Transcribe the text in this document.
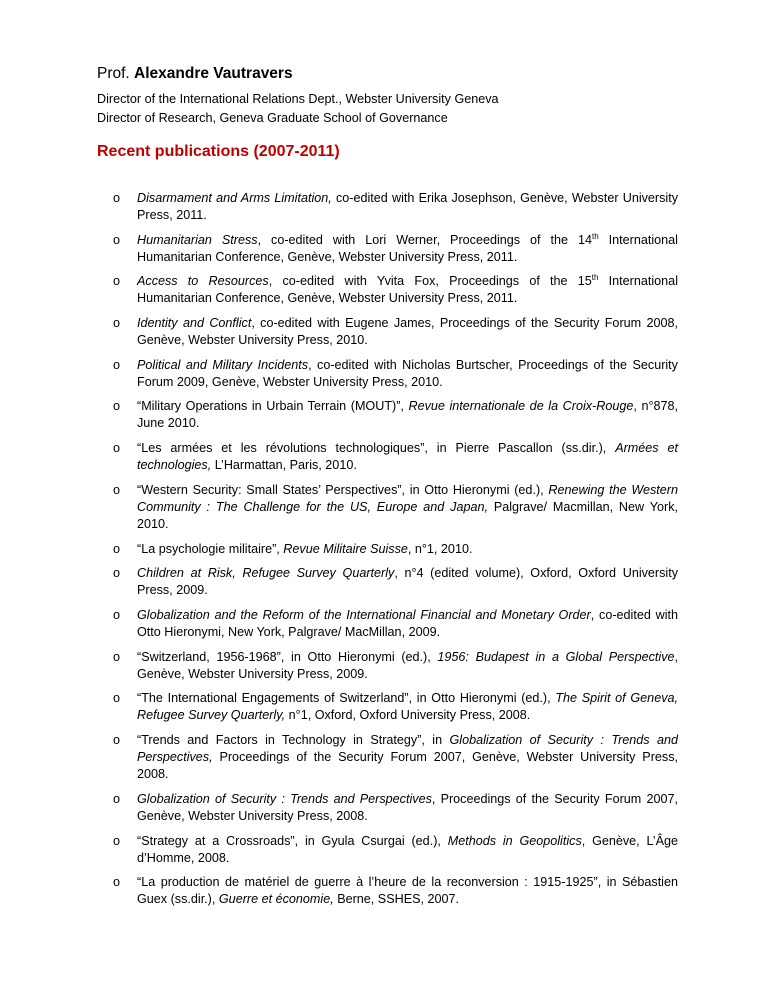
Prof. Alexandre Vautravers
Director of the International Relations Dept., Webster University Geneva
Director of Research, Geneva Graduate School of Governance
Recent publications (2007-2011)
o Disarmament and Arms Limitation, co-edited with Erika Josephson, Genève, Webster University Press, 2011.
o Humanitarian Stress, co-edited with Lori Werner, Proceedings of the 14th International Humanitarian Conference, Genève, Webster University Press, 2011.
o Access to Resources, co-edited with Yvita Fox, Proceedings of the 15th International Humanitarian Conference, Genève, Webster University Press, 2011.
o Identity and Conflict, co-edited with Eugene James, Proceedings of the Security Forum 2008, Genève, Webster University Press, 2010.
o Political and Military Incidents, co-edited with Nicholas Burtscher, Proceedings of the Security Forum 2009, Genève, Webster University Press, 2010.
o “Military Operations in Urbain Terrain (MOUT)”, Revue internationale de la Croix-Rouge, n°878, June 2010.
o “Les armées et les révolutions technologiques”, in Pierre Pascallon (ss.dir.), Armées et technologies, L’Harmattan, Paris, 2010.
o “Western Security: Small States’ Perspectives”, in Otto Hieronymi (ed.), Renewing the Western Community : The Challenge for the US, Europe and Japan, Palgrave/ Macmillan, New York, 2010.
o “La psychologie militaire”, Revue Militaire Suisse, n°1, 2010.
o Children at Risk, Refugee Survey Quarterly, n°4 (edited volume), Oxford, Oxford University Press, 2009.
o Globalization and the Reform of the International Financial and Monetary Order, co-edited with Otto Hieronymi, New York, Palgrave/ MacMillan, 2009.
o “Switzerland, 1956-1968”, in Otto Hieronymi (ed.), 1956: Budapest in a Global Perspective, Genève, Webster University Press, 2009.
o “The International Engagements of Switzerland”, in Otto Hieronymi (ed.), The Spirit of Geneva, Refugee Survey Quarterly, n°1, Oxford, Oxford University Press, 2008.
o “Trends and Factors in Technology in Strategy”, in Globalization of Security : Trends and Perspectives, Proceedings of the Security Forum 2007, Genève, Webster University Press, 2008.
o Globalization of Security : Trends and Perspectives, Proceedings of the Security Forum 2007, Genève, Webster University Press, 2008.
o “Strategy at a Crossroads”, in Gyula Csurgai (ed.), Methods in Geopolitics, Genève, L’Âge d’Homme, 2008.
o “La production de matériel de guerre à l’heure de la reconversion : 1915-1925”, in Sébastien Guex (ss.dir.), Guerre et économie, Berne, SSHES, 2007.
